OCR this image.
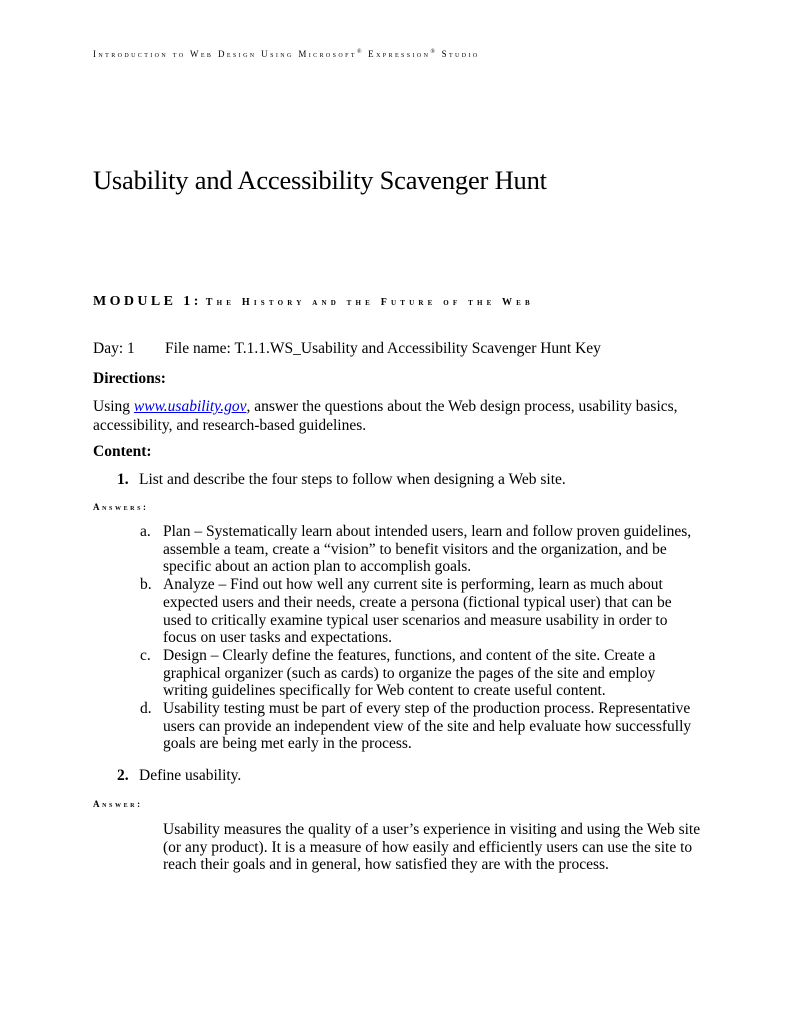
Introduction to Web Design Using Microsoft® Expression® Studio
Usability and Accessibility Scavenger Hunt
MODULE 1: The History and the Future of the Web
Day: 1 File name: T.1.1.WS_Usability and Accessibility Scavenger Hunt Key
Directions:

Using www.usability.gov, answer the questions about the Web design process, usability basics, accessibility, and research-based guidelines.

Content:
1. List and describe the four steps to follow when designing a Web site.
Answers:
a. Plan – Systematically learn about intended users, learn and follow proven guidelines, assemble a team, create a “vision” to benefit visitors and the organization, and be specific about an action plan to accomplish goals.
b. Analyze – Find out how well any current site is performing, learn as much about expected users and their needs, create a persona (fictional typical user) that can be used to critically examine typical user scenarios and measure usability in order to focus on user tasks and expectations.
c. Design – Clearly define the features, functions, and content of the site. Create a graphical organizer (such as cards) to organize the pages of the site and employ writing guidelines specifically for Web content to create useful content.
d. Usability testing must be part of every step of the production process. Representative users can provide an independent view of the site and help evaluate how successfully goals are being met early in the process.
2. Define usability.
Answer:

Usability measures the quality of a user’s experience in visiting and using the Web site (or any product). It is a measure of how easily and efficiently users can use the site to reach their goals and in general, how satisfied they are with the process.
